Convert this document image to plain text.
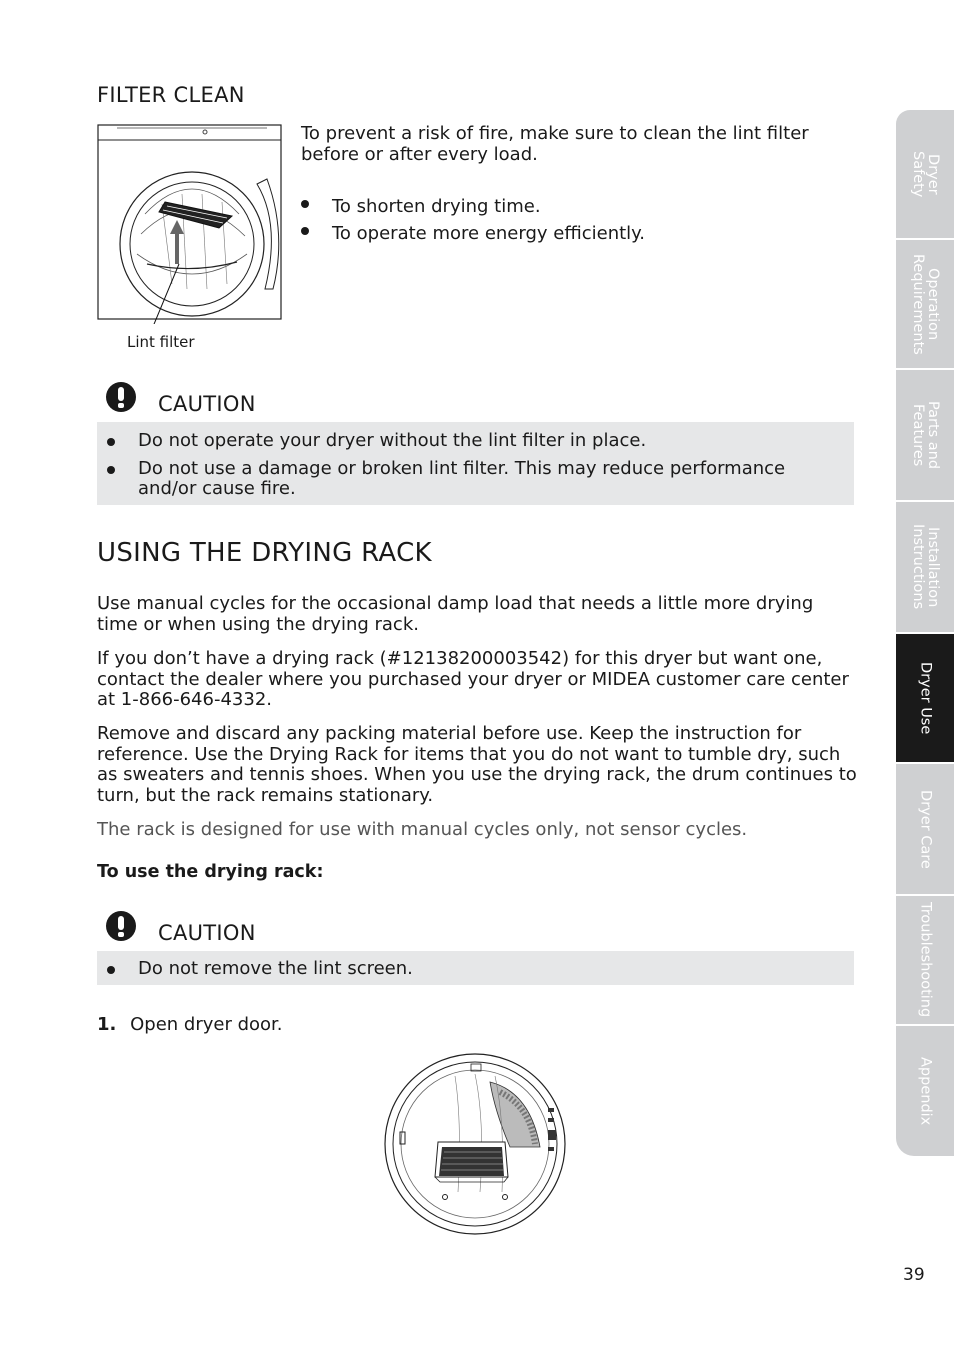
FILTER CLEAN
Lint filter
To prevent a risk of fire, make sure to clean the lint filter before or after every load.
To shorten drying time.
To operate more energy efficiently.
CAUTION
Do not operate your dryer without the lint filter in place.
Do not use a damage or broken lint filter. This may reduce performance and/or cause fire.
USING THE DRYING RACK
Use manual cycles for the occasional damp load that needs a little more drying time or when using the drying rack.
If you don’t have a drying rack (#12138200003542) for this dryer but want one, contact the dealer where you purchased your dryer or MIDEA customer care center at 1-866-646-4332.
Remove and discard any packing material before use. Keep the instruction for reference. Use the Drying Rack for items that you do not want to tumble dry, such as sweaters and tennis shoes. When you use the drying rack, the drum continues to turn, but the rack remains stationary.
The rack is designed for use with manual cycles only, not sensor cycles.
To use the drying rack:
CAUTION
Do not remove the lint screen.
1. Open dryer door.
Dryer
Safety
Operation
Requirements
Parts and
Features
Installation
Instructions
Dryer Use
Dryer Care
Troubleshooting
Appendix
39
